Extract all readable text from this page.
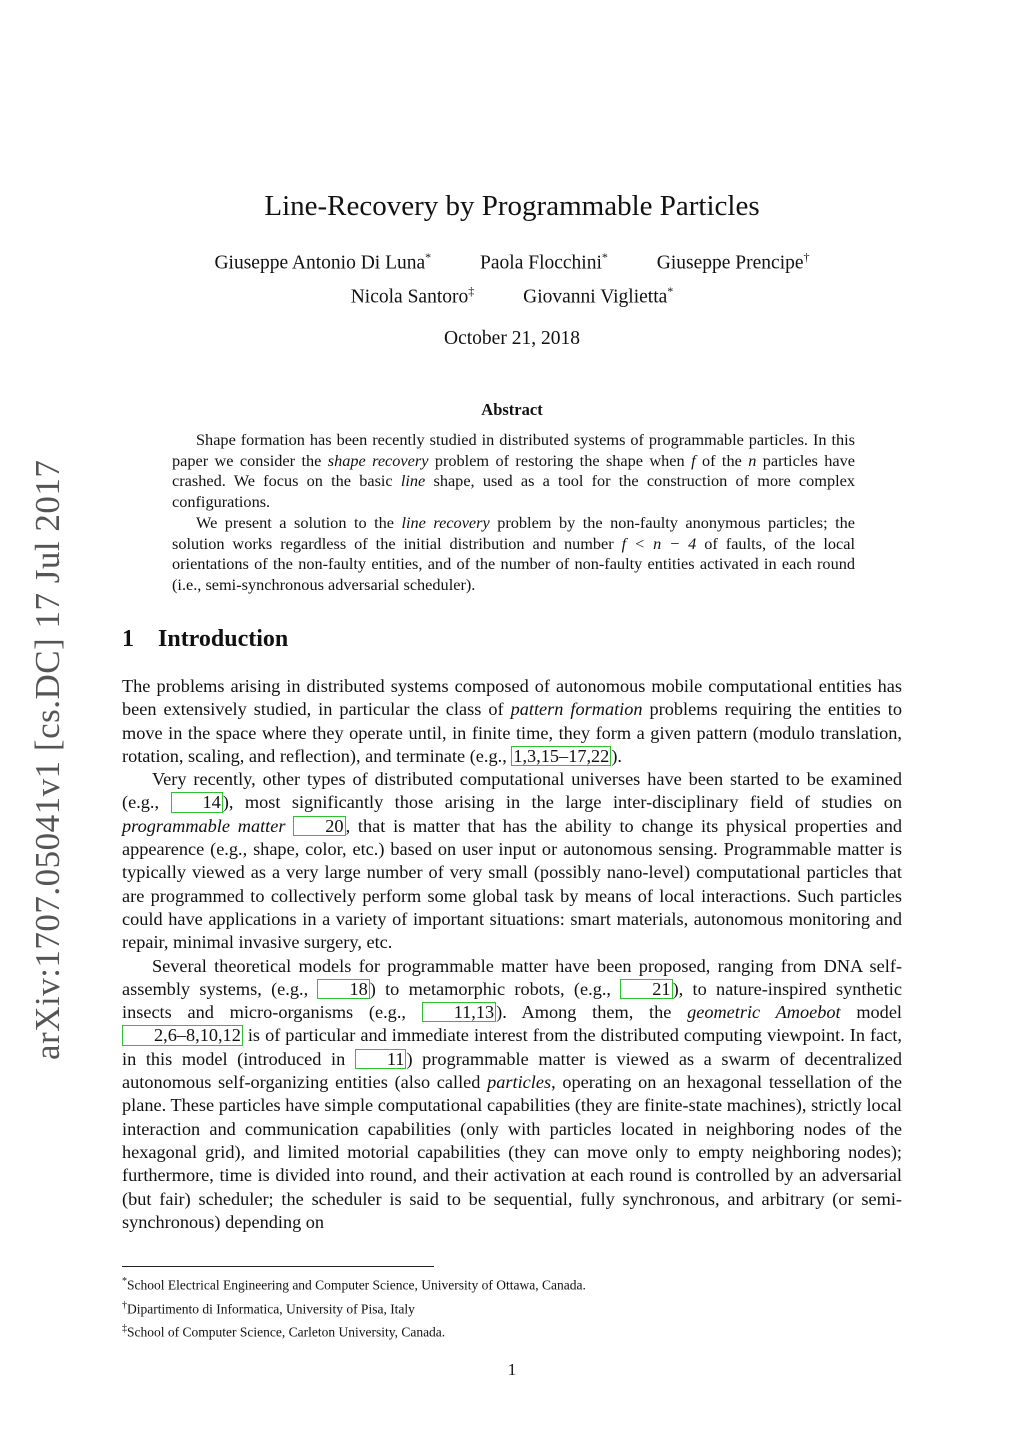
arXiv:1707.05041v1 [cs.DC] 17 Jul 2017
Line-Recovery by Programmable Particles
Giuseppe Antonio Di Luna*	Paola Flocchini*	Giuseppe Prencipe†
Nicola Santoro‡	Giovanni Viglietta*
October 21, 2018
Abstract

Shape formation has been recently studied in distributed systems of programmable particles. In this paper we consider the shape recovery problem of restoring the shape when f of the n particles have crashed. We focus on the basic line shape, used as a tool for the construction of more complex configurations.

We present a solution to the line recovery problem by the non-faulty anonymous particles; the solution works regardless of the initial distribution and number f < n − 4 of faults, of the local orientations of the non-faulty entities, and of the number of non-faulty entities activated in each round (i.e., semi-synchronous adversarial scheduler).

1 Introduction

The problems arising in distributed systems composed of autonomous mobile computational entities has been extensively studied, in particular the class of pattern formation problems requiring the entities to move in the space where they operate until, in finite time, they form a given pattern (modulo translation, rotation, scaling, and reflection), and terminate (e.g., 1,3,15–17,22 ).

Very recently, other types of distributed computational universes have been started to be examined (e.g., 14 ), most significantly those arising in the large inter-disciplinary field of studies on programmable matter 20 , that is matter that has the ability to change its physical properties and appearence (e.g., shape, color, etc.) based on user input or autonomous sensing. Programmable matter is typically viewed as a very large number of very small (possibly nano-level) computational particles that are programmed to collectively perform some global task by means of local interactions. Such particles could have applications in a variety of important situations: smart materials, autonomous monitoring and repair, minimal invasive surgery, etc.

Several theoretical models for programmable matter have been proposed, ranging from DNA self-assembly systems, (e.g., 18 ) to metamorphic robots, (e.g., 21 ), to nature-inspired synthetic insects and micro-organisms (e.g., 11,13 ). Among them, the geometric Amoebot model 2,6–8,10,12 is of particular and immediate interest from the distributed computing viewpoint. In fact, in this model (introduced in 11 ) programmable matter is viewed as a swarm of decentralized autonomous self-organizing entities (also called particles, operating on an hexagonal tessellation of the plane. These particles have simple computational capabilities (they are finite-state machines), strictly local interaction and communication capabilities (only with particles located in neighboring nodes of the hexagonal grid), and limited motorial capabilities (they can move only to empty neighboring nodes); furthermore, time is divided into round, and their activation at each round is controlled by an adversarial (but fair) scheduler; the scheduler is said to be sequential, fully synchronous, and arbitrary (or semi-synchronous) depending on

*School Electrical Engineering and Computer Science, University of Ottawa, Canada.
†Dipartimento di Informatica, University of Pisa, Italy
‡School of Computer Science, Carleton University, Canada.
1
